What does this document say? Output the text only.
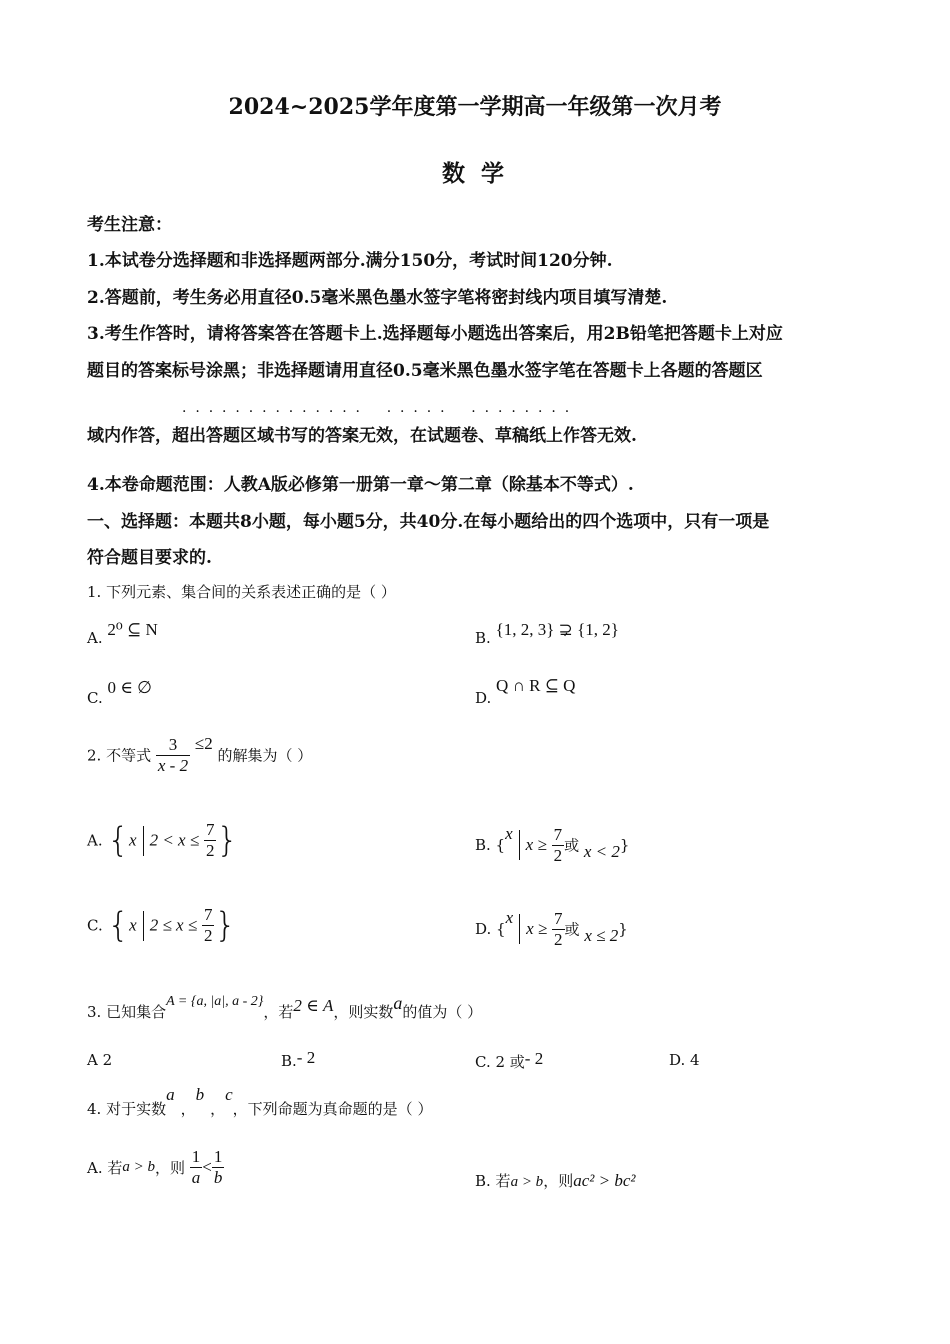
2024~2025学年度第一学期高一年级第一次月考
数 学
考生注意：
1.本试卷分选择题和非选择题两部分.满分150分，考试时间120分钟.
2.答题前，考生务必用直径0.5毫米黑色墨水签字笔将密封线内项目填写清楚.
3.考生作答时，请将答案答在答题卡上.选择题每小题选出答案后，用2B铅笔把答题卡上对应
题目的答案标号涂黑；非选择题请用直径0.5毫米黑色墨水签字笔在答题卡上各题的答题区
·  ·  ·  ·  ·  ·  ·  ·  ·  ·  ·  ·  ·  ·      ·  ·  ·  ·  ·      ·  ·  ·  ·  ·  ·  ·  ·
域内作答，超出答题区域书写的答案无效，在试题卷、草稿纸上作答无效.
4.本卷命题范围：人教A版必修第一册第一章～第二章（除基本不等式）.
一、选择题：本题共8小题，每小题5分，共40分.在每小题给出的四个选项中，只有一项是
符合题目要求的.
1. 下列元素、集合间的关系表述正确的是（ ）
A. 2⁰ ⊆ N	B. {1, 2, 3} ⊋ {1, 2}
C. 0 ∈ ∅
D. Q ∩ R ⊆ Q
2. 不等式 $\frac{3}{x - 2} \le 2$ 的解集为（ ）
A. {x $2 < x \le \frac{7}{2}$ }	B. {$xx \ge \frac{7}{2}$ 或 x < 2}
C. {x $2 \le x \le \frac{7}{2}$ }	D. {$xx \ge \frac{7}{2}$ 或 x ≤ 2}
3. 已知集合A = {a, |a|, a - 2}，若2 ∈ A，则实数a的值为（ ）
A 2	B.- 2	C. 2 或- 2	D. 4
4. 对于实数a，b，c，下列命题为真命题的是（ ）
A. 若a > b，则 $\frac{1}{a} < \frac{1}{b}$	B. 若a > b，则ac² > bc²
